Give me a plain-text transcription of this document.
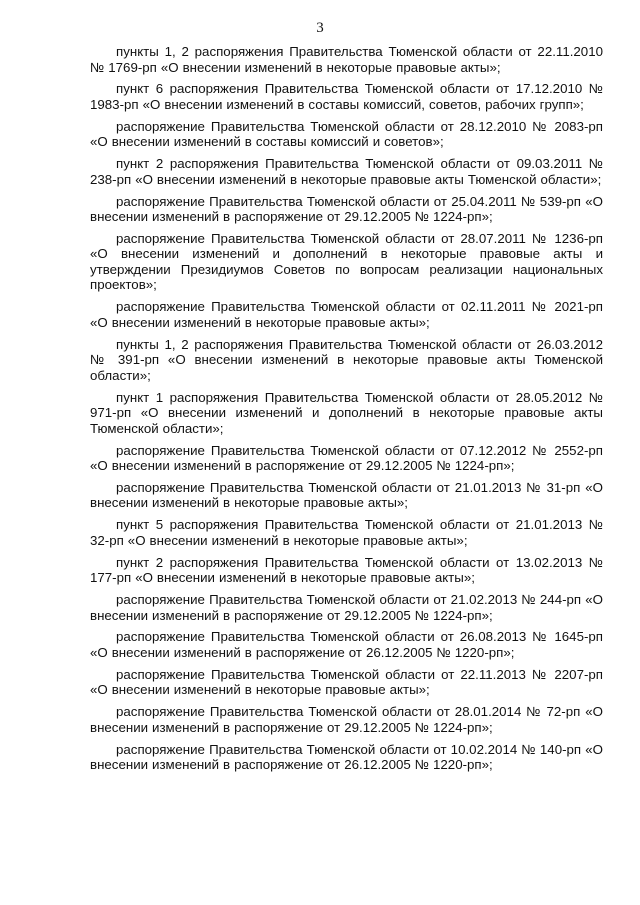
3

пункты 1, 2 распоряжения Правительства Тюменской области от 22.11.2010 № 1769-рп «О внесении изменений в некоторые правовые акты»;

пункт 6 распоряжения Правительства Тюменской области от 17.12.2010 № 1983-рп «О внесении изменений в составы комиссий, советов, рабочих групп»;

распоряжение Правительства Тюменской области от 28.12.2010 № 2083-рп «О внесении изменений в составы комиссий и советов»;

пункт 2 распоряжения Правительства Тюменской области от 09.03.2011 № 238-рп «О внесении изменений в некоторые правовые акты Тюменской области»;

распоряжение Правительства Тюменской области от 25.04.2011 № 539-рп «О внесении изменений в распоряжение от 29.12.2005 № 1224-рп»;

распоряжение Правительства Тюменской области от 28.07.2011 № 1236-рп «О внесении изменений и дополнений в некоторые правовые акты и утверждении Президиумов Советов по вопросам реализации национальных проектов»;

распоряжение Правительства Тюменской области от 02.11.2011 № 2021-рп «О внесении изменений в некоторые правовые акты»;

пункты 1, 2 распоряжения Правительства Тюменской области от 26.03.2012 № 391-рп «О внесении изменений в некоторые правовые акты Тюменской области»;

пункт 1 распоряжения Правительства Тюменской области от 28.05.2012 № 971-рп «О внесении изменений и дополнений в некоторые правовые акты Тюменской области»;

распоряжение Правительства Тюменской области от 07.12.2012 № 2552-рп «О внесении изменений в распоряжение от 29.12.2005 № 1224-рп»;

распоряжение Правительства Тюменской области от 21.01.2013 № 31-рп «О внесении изменений в некоторые правовые акты»;

пункт 5 распоряжения Правительства Тюменской области от 21.01.2013 № 32-рп «О внесении изменений в некоторые правовые акты»;

пункт 2 распоряжения Правительства Тюменской области от 13.02.2013 № 177-рп «О внесении изменений в некоторые правовые акты»;

распоряжение Правительства Тюменской области от 21.02.2013 № 244-рп «О внесении изменений в распоряжение от 29.12.2005 № 1224-рп»;

распоряжение Правительства Тюменской области от 26.08.2013 № 1645-рп «О внесении изменений в распоряжение от 26.12.2005 № 1220-рп»;

распоряжение Правительства Тюменской области от 22.11.2013 № 2207-рп «О внесении изменений в некоторые правовые акты»;

распоряжение Правительства Тюменской области от 28.01.2014 № 72-рп «О внесении изменений в распоряжение от 29.12.2005 № 1224-рп»;

распоряжение Правительства Тюменской области от 10.02.2014 № 140-рп «О внесении изменений в распоряжение от 26.12.2005 № 1220-рп»;
